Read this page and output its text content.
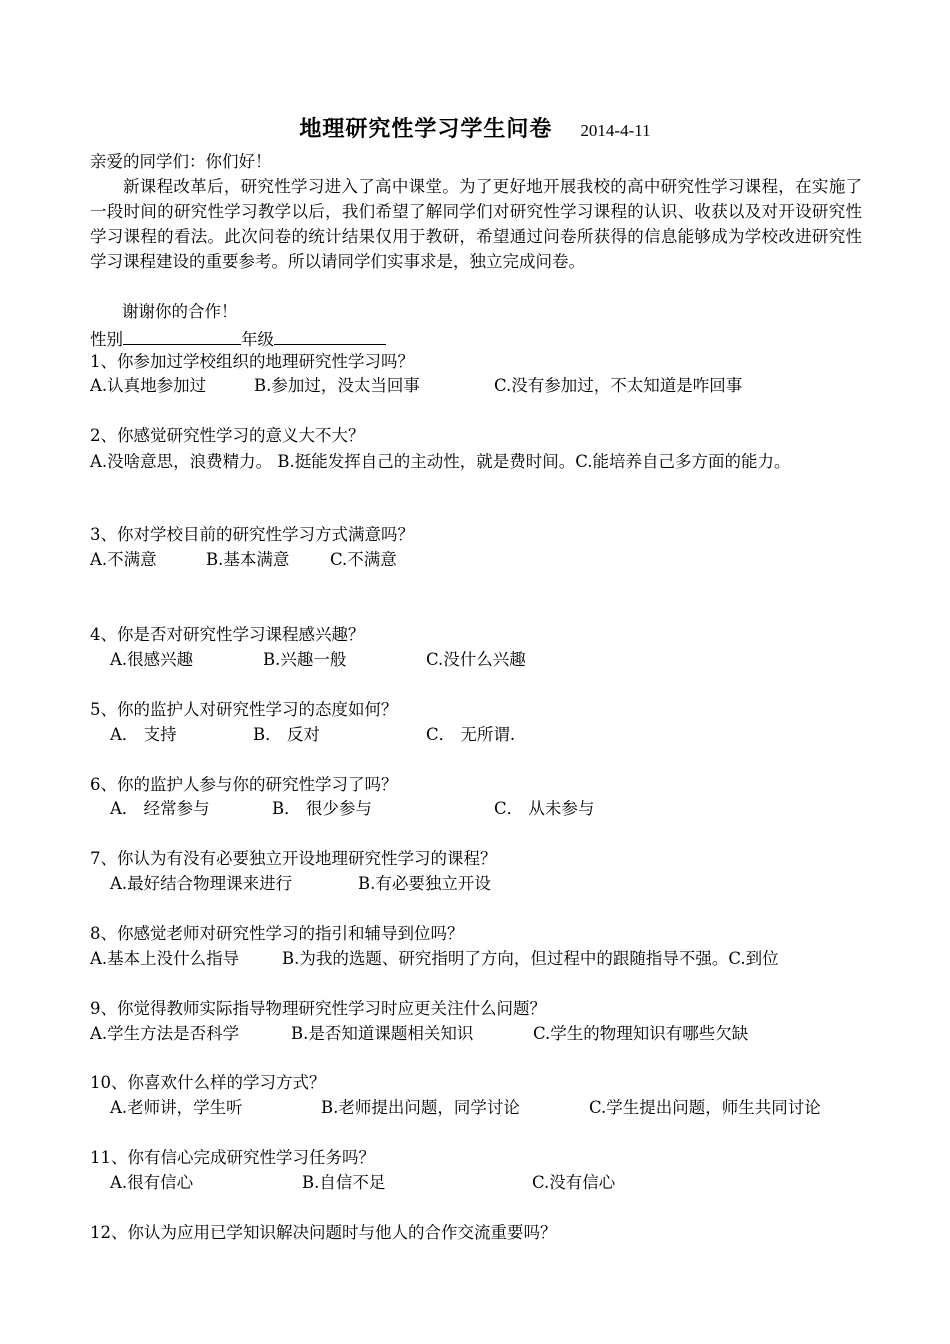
地理研究性学习学生问卷 2014-4-11
亲爱的同学们：你们好！
新课程改革后，研究性学习进入了高中课堂。为了更好地开展我校的高中研究性学习课程，在实施了一段时间的研究性学习教学以后，我们希望了解同学们对研究性学习课程的认识、收获以及对开设研究性学习课程的看法。此次问卷的统计结果仅用于教研，希望通过问卷所获得的信息能够成为学校改进研究性学习课程建设的重要参考。所以请同学们实事求是，独立完成问卷。
谢谢你的合作！
性别	年级
1、你参加过学校组织的地理研究性学习吗？
A.认真地参加过	B.参加过，没太当回事	C.没有参加过，不太知道是咋回事
2、你感觉研究性学习的意义大不大？
A.没啥意思，浪费精力。 B.挺能发挥自己的主动性，就是费时间。C.能培养自己多方面的能力。
3、你对学校目前的研究性学习方式满意吗？
A.不满意	B.基本满意 C.不满意
4、你是否对研究性学习课程感兴趣？
A.很感兴趣	B.兴趣一般	C.没什么兴趣
5、你的监护人对研究性学习的态度如何？
A． 支持	B． 反对	C． 无所谓.
6、你的监护人参与你的研究性学习了吗？
A． 经常参与	B． 很少参与	C． 从未参与
7、你认为有没有必要独立开设地理研究性学习的课程？
A.最好结合物理课来进行	B.有必要独立开设
8、你感觉老师对研究性学习的指引和辅导到位吗？
A.基本上没什么指导	B.为我的选题、研究指明了方向，但过程中的跟随指导不强。C.到位
9、你觉得教师实际指导物理研究性学习时应更关注什么问题？
A.学生方法是否科学	B.是否知道课题相关知识	C.学生的物理知识有哪些欠缺
10、你喜欢什么样的学习方式？
A.老师讲，学生听	B.老师提出问题，同学讨论	C.学生提出问题，师生共同讨论
11、你有信心完成研究性学习任务吗？
A.很有信心	B.自信不足	C.没有信心
12、你认为应用已学知识解决问题时与他人的合作交流重要吗？
